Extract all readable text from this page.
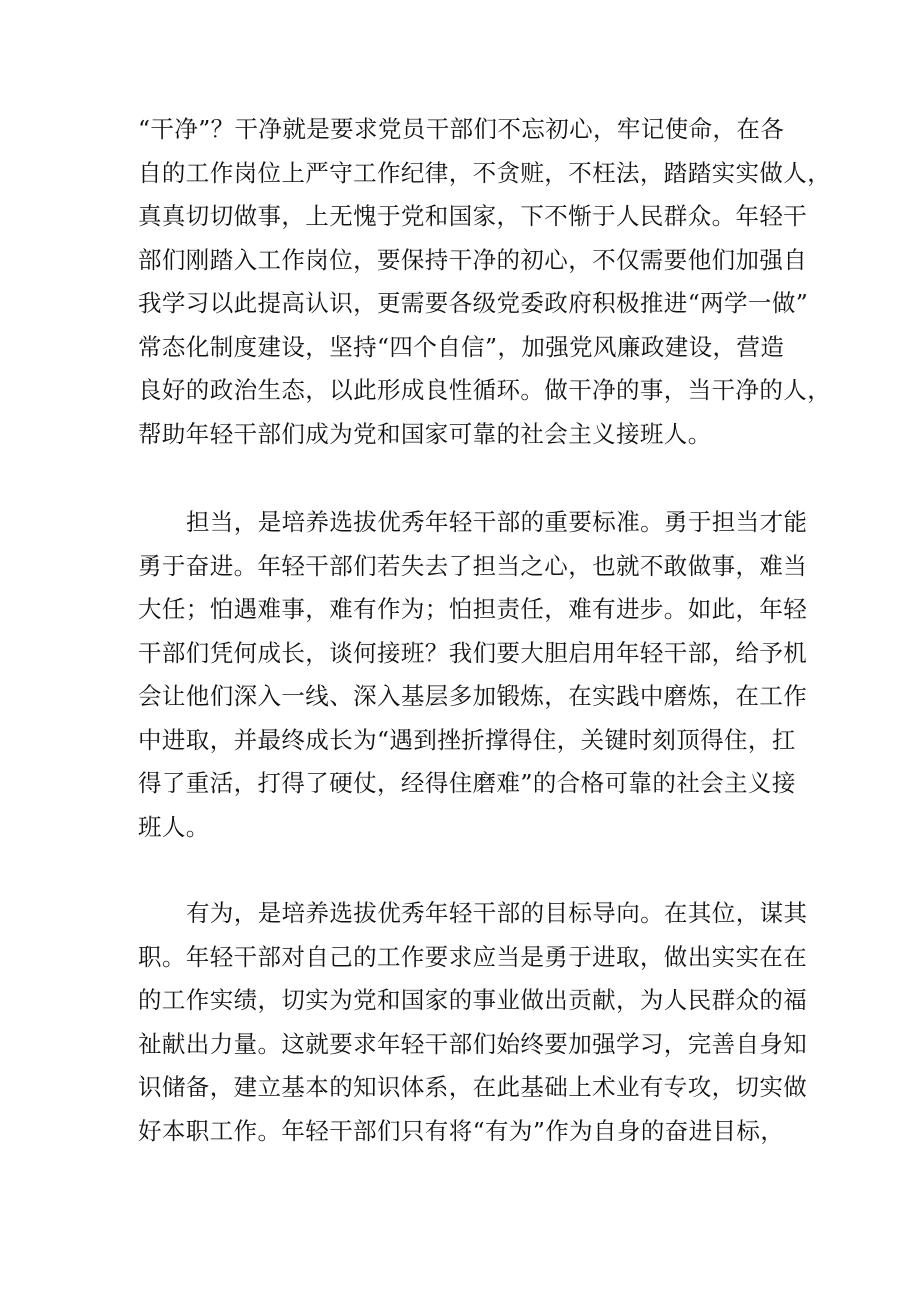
“干净”？干净就是要求党员干部们不忘初心，牢记使命，在各
自的工作岗位上严守工作纪律，不贪赃，不枉法，踏踏实实做人，
真真切切做事，上无愧于党和国家，下不惭于人民群众。年轻干
部们刚踏入工作岗位，要保持干净的初心，不仅需要他们加强自
我学习以此提高认识，更需要各级党委政府积极推进“两学一做”
常态化制度建设，坚持“四个自信”，加强党风廉政建设，营造
良好的政治生态，以此形成良性循环。做干净的事，当干净的人，
帮助年轻干部们成为党和国家可靠的社会主义接班人。
担当，是培养选拔优秀年轻干部的重要标准。勇于担当才能
勇于奋进。年轻干部们若失去了担当之心，也就不敢做事，难当
大任；怕遇难事，难有作为；怕担责任，难有进步。如此，年轻
干部们凭何成长，谈何接班？我们要大胆启用年轻干部，给予机
会让他们深入一线、深入基层多加锻炼，在实践中磨炼，在工作
中进取，并最终成长为“遇到挫折撑得住，关键时刻顶得住，扛
得了重活，打得了硬仗，经得住磨难”的合格可靠的社会主义接
班人。
有为，是培养选拔优秀年轻干部的目标导向。在其位，谋其
职。年轻干部对自己的工作要求应当是勇于进取，做出实实在在
的工作实绩，切实为党和国家的事业做出贡献，为人民群众的福
祉献出力量。这就要求年轻干部们始终要加强学习，完善自身知
识储备，建立基本的知识体系，在此基础上术业有专攻，切实做
好本职工作。年轻干部们只有将“有为”作为自身的奋进目标，
